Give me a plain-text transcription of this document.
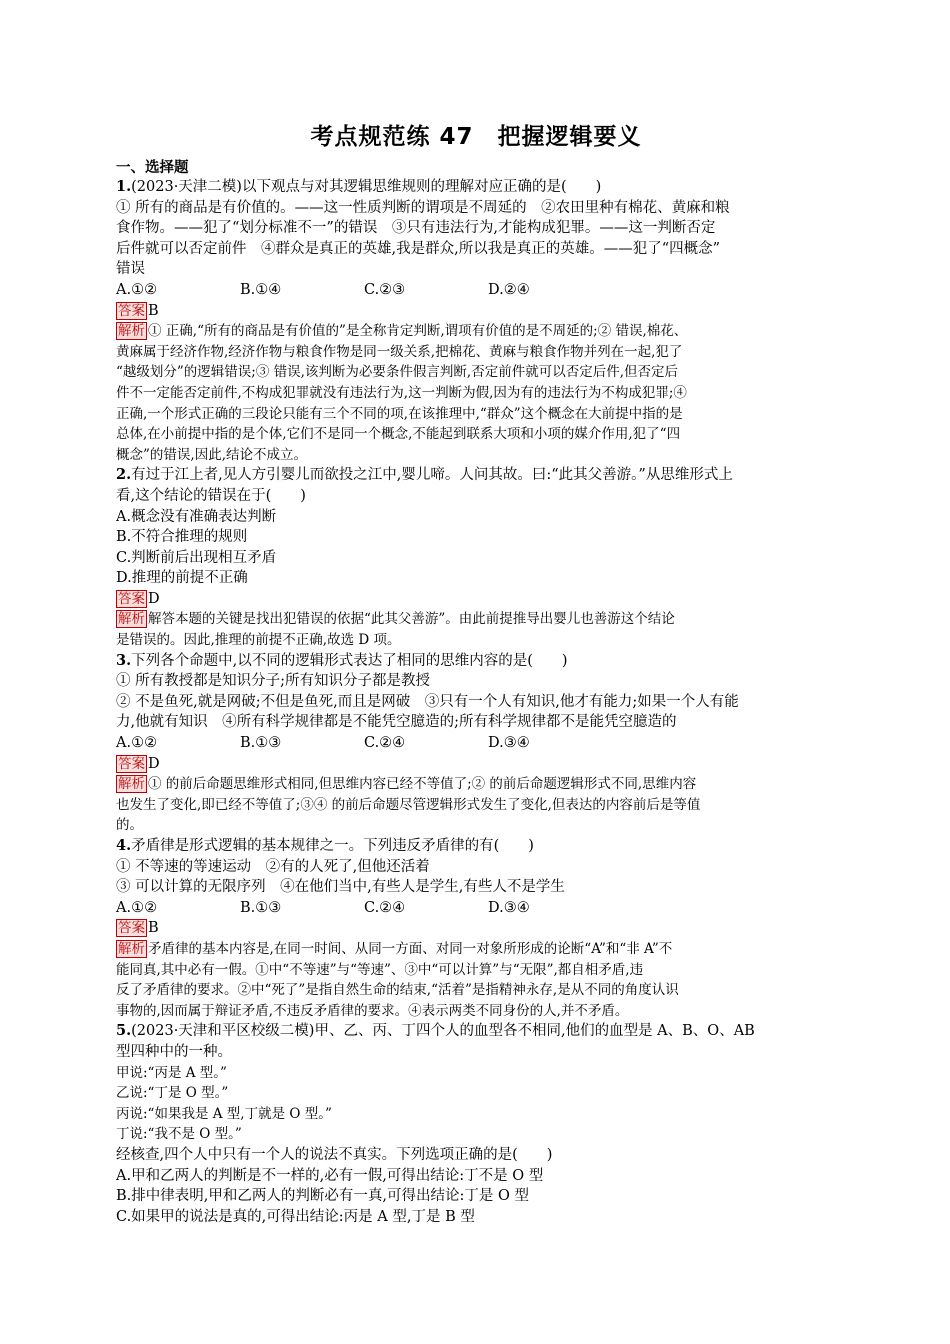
考点规范练 47　把握逻辑要义
一、选择题
1.(2023·天津二模)以下观点与对其逻辑思维规则的理解对应正确的是(　　)
① 所有的商品是有价值的。——这一性质判断的谓项是不周延的　②农田里种有棉花、黄麻和粮
食作物。——犯了“划分标准不一”的错误　③只有违法行为,才能构成犯罪。——这一判断否定
后件就可以否定前件　④群众是真正的英雄,我是群众,所以我是真正的英雄。——犯了“四概念”
错误
A.①②	B.①④	C.②③	D.②④
答案 B
解析 ① 正确,“所有的商品是有价值的”是全称肯定判断,谓项有价值的是不周延的;② 错误,棉花、
黄麻属于经济作物,经济作物与粮食作物是同一级关系,把棉花、黄麻与粮食作物并列在一起,犯了
“越级划分”的逻辑错误;③ 错误,该判断为必要条件假言判断,否定前件就可以否定后件,但否定后
件不一定能否定前件,不构成犯罪就没有违法行为,这一判断为假,因为有的违法行为不构成犯罪;④
正确,一个形式正确的三段论只能有三个不同的项,在该推理中,“群众”这个概念在大前提中指的是
总体,在小前提中指的是个体,它们不是同一个概念,不能起到联系大项和小项的媒介作用,犯了“四
概念”的错误,因此,结论不成立。
2.有过于江上者,见人方引婴儿而欲投之江中,婴儿啼。人问其故。曰:“此其父善游。”从思维形式上
看,这个结论的错误在于(　　)
A.概念没有准确表达判断
B.不符合推理的规则
C.判断前后出现相互矛盾
D.推理的前提不正确
答案 D
解析 解答本题的关键是找出犯错误的依据“此其父善游”。由此前提推导出婴儿也善游这个结论
是错误的。因此,推理的前提不正确,故选 D 项。
3.下列各个命题中,以不同的逻辑形式表达了相同的思维内容的是(　　)
① 所有教授都是知识分子;所有知识分子都是教授
② 不是鱼死,就是网破;不但是鱼死,而且是网破　③只有一个人有知识,他才有能力;如果一个人有能
力,他就有知识　④所有科学规律都是不能凭空臆造的;所有科学规律都不是能凭空臆造的
A.①②	B.①③	C.②④	D.③④
答案 D
解析 ① 的前后命题思维形式相同,但思维内容已经不等值了;② 的前后命题逻辑形式不同,思维内容
也发生了变化,即已经不等值了;③④ 的前后命题尽管逻辑形式发生了变化,但表达的内容前后是等值
的。
4.矛盾律是形式逻辑的基本规律之一。下列违反矛盾律的有(　　)
① 不等速的等速运动　②有的人死了,但他还活着
③ 可以计算的无限序列　④在他们当中,有些人是学生,有些人不是学生
A.①②	B.①③	C.②④	D.③④
答案 B
解析 矛盾律的基本内容是,在同一时间、从同一方面、对同一对象所形成的论断“A”和“非 A”不
能同真,其中必有一假。①中“不等速”与“等速”、③中“可以计算”与“无限”,都自相矛盾,违
反了矛盾律的要求。②中“死了”是指自然生命的结束,“活着”是指精神永存,是从不同的角度认识
事物的,因而属于辩证矛盾,不违反矛盾律的要求。④表示两类不同身份的人,并不矛盾。
5.(2023·天津和平区校级二模)甲、乙、丙、丁四个人的血型各不相同,他们的血型是 A、B、O、AB
型四种中的一种。
甲说:“丙是 A 型。”
乙说:“丁是 O 型。”
丙说:“如果我是 A 型,丁就是 O 型。”
丁说:“我不是 O 型。”
经核查,四个人中只有一个人的说法不真实。下列选项正确的是(　　)
A.甲和乙两人的判断是不一样的,必有一假,可得出结论:丁不是 O 型
B.排中律表明,甲和乙两人的判断必有一真,可得出结论:丁是 O 型
C.如果甲的说法是真的,可得出结论:丙是 A 型,丁是 B 型
